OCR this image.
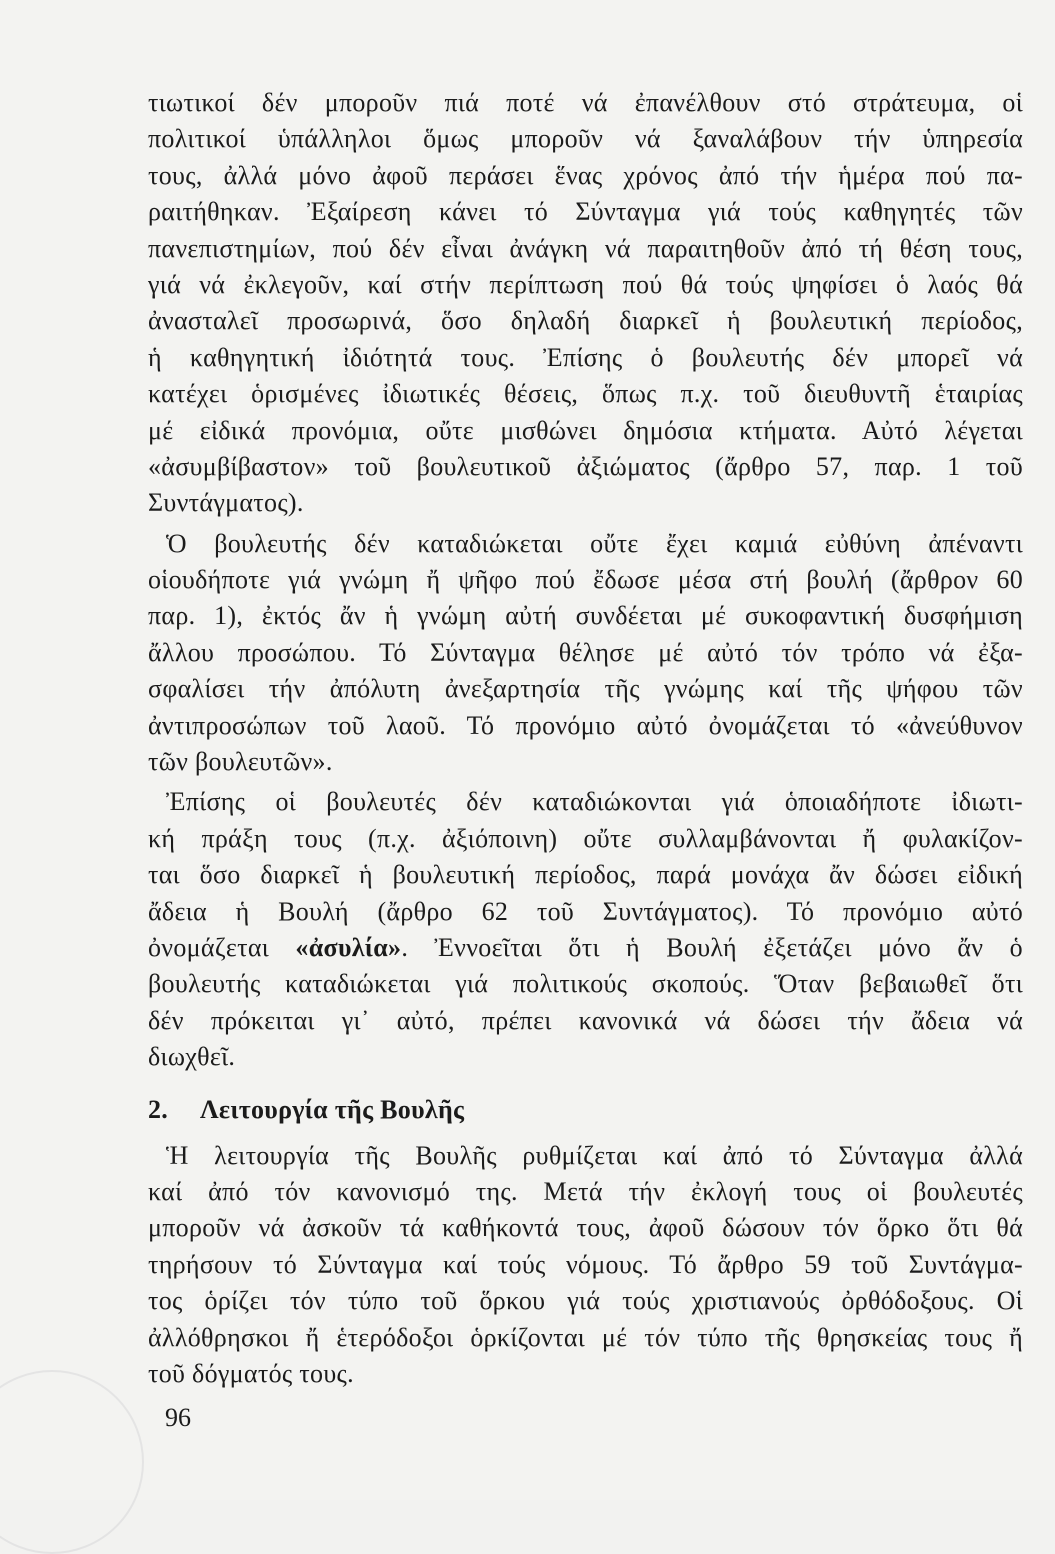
τιωτικοί δέν μποροῦν πιά ποτέ νά ἐπανέλθουν στό στράτευμα, οἱ
πολιτικοί ὑπάλληλοι ὅμως μποροῦν νά ξαναλάβουν τήν ὑπηρεσία
τους, ἀλλά μόνο ἀφοῦ περάσει ἕνας χρόνος ἀπό τήν ἡμέρα πού πα-
ραιτήθηκαν. Ἐξαίρεση κάνει τό Σύνταγμα γιά τούς καθηγητές τῶν
πανεπιστημίων, πού δέν εἶναι ἀνάγκη νά παραιτηθοῦν ἀπό τή θέση τους,
γιά νά ἐκλεγοῦν, καί στήν περίπτωση πού θά τούς ψηφίσει ὁ λαός θά
ἀνασταλεῖ προσωρινά, ὅσο δηλαδή διαρκεῖ ἡ βουλευτική περίοδος,
ἡ καθηγητική ἰδιότητά τους. Ἐπίσης ὁ βουλευτής δέν μπορεῖ νά
κατέχει ὁρισμένες ἰδιωτικές θέσεις, ὅπως π.χ. τοῦ διευθυντῆ ἑταιρίας
μέ εἰδικά προνόμια, οὔτε μισθώνει δημόσια κτήματα. Αὐτό λέγεται
«ἀσυμβίβαστον» τοῦ βουλευτικοῦ ἀξιώματος (ἄρθρο 57, παρ. 1 τοῦ
Συντάγματος).
Ὁ βουλευτής δέν καταδιώκεται οὔτε ἔχει καμιά εὐθύνη ἀπέναντι
οἱουδήποτε γιά γνώμη ἤ ψῆφο πού ἔδωσε μέσα στή βουλή (ἄρθρον 60
παρ. 1), ἐκτός ἄν ἡ γνώμη αὐτή συνδέεται μέ συκοφαντική δυσφήμιση
ἄλλου προσώπου. Τό Σύνταγμα θέλησε μέ αὐτό τόν τρόπο νά ἐξα-
σφαλίσει τήν ἀπόλυτη ἀνεξαρτησία τῆς γνώμης καί τῆς ψήφου τῶν
ἀντιπροσώπων τοῦ λαοῦ. Τό προνόμιο αὐτό ὀνομάζεται τό «ἀνεύθυνον
τῶν βουλευτῶν».
Ἐπίσης οἱ βουλευτές δέν καταδιώκονται γιά ὁποιαδήποτε ἰδιωτι-
κή πράξη τους (π.χ. ἀξιόποινη) οὔτε συλλαμβάνονται ἤ φυλακίζον-
ται ὅσο διαρκεῖ ἡ βουλευτική περίοδος, παρά μονάχα ἄν δώσει εἰδική
ἄδεια ἡ Βουλή (ἄρθρο 62 τοῦ Συντάγματος). Τό προνόμιο αὐτό
ὀνομάζεται «ἀσυλία». Ἐννοεῖται ὅτι ἡ Βουλή ἐξετάζει μόνο ἄν ὁ
βουλευτής καταδιώκεται γιά πολιτικούς σκοπούς. Ὅταν βεβαιωθεῖ ὅτι
δέν πρόκειται γι᾽ αὐτό, πρέπει κανονικά νά δώσει τήν ἄδεια νά
διωχθεῖ.
2. Λειτουργία τῆς Βουλῆς
Ἡ λειτουργία τῆς Βουλῆς ρυθμίζεται καί ἀπό τό Σύνταγμα ἀλλά
καί ἀπό τόν κανονισμό της. Μετά τήν ἐκλογή τους οἱ βουλευτές
μποροῦν νά ἀσκοῦν τά καθήκοντά τους, ἀφοῦ δώσουν τόν ὅρκο ὅτι θά
τηρήσουν τό Σύνταγμα καί τούς νόμους. Τό ἄρθρο 59 τοῦ Συντάγμα-
τος ὁρίζει τόν τύπο τοῦ ὅρκου γιά τούς χριστιανούς ὀρθόδοξους. Οἱ
ἀλλόθρησκοι ἤ ἑτερόδοξοι ὁρκίζονται μέ τόν τύπο τῆς θρησκείας τους ἤ
τοῦ δόγματός τους.
96
